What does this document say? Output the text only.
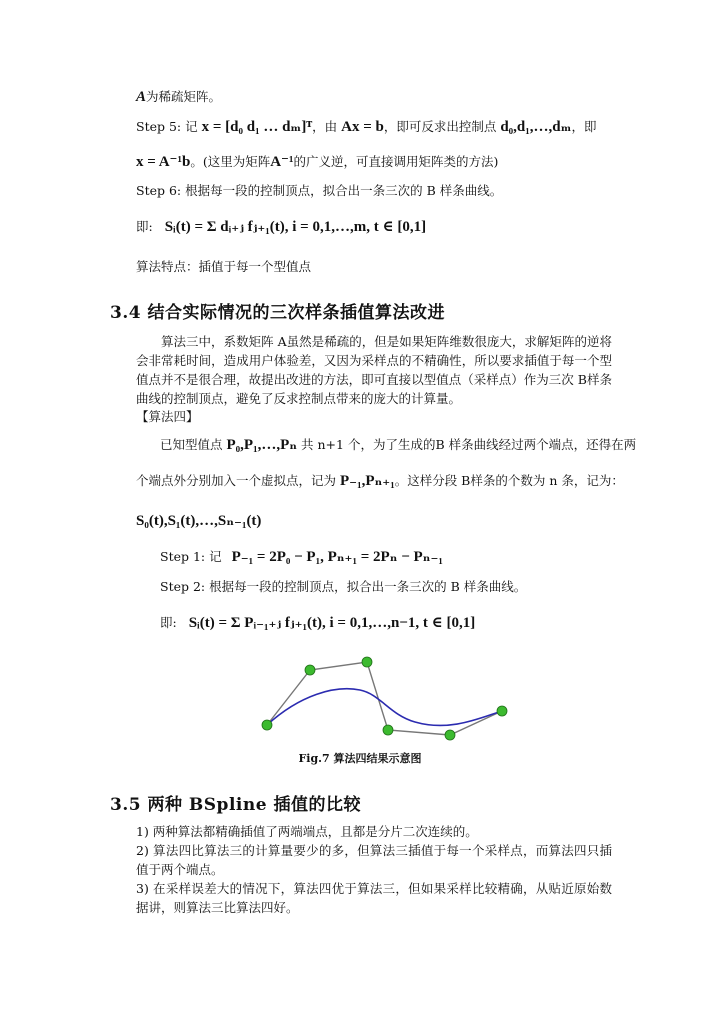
A为稀疏矩阵。
Step 5: 记 x = [d₀ d₁ … dₘ]ᵀ，由 Ax = b，即可反求出控制点 d₀,d₁,…,dₘ，即
x = A⁻¹b。(这里为矩阵A⁻¹的广义逆，可直接调用矩阵类的方法)
Step 6: 根据每一段的控制顶点，拟合出一条三次的 B 样条曲线。
即: Sᵢ(t) = Σ dᵢ₊ⱼ fⱼ₊₁(t), i = 0,1,…,m, t ∈ [0,1]
算法特点：插值于每一个型值点
3.4 结合实际情况的三次样条插值算法改进
算法三中，系数矩阵 A虽然是稀疏的，但是如果矩阵维数很庞大，求解矩阵的逆将会非常耗时间，造成用户体验差，又因为采样点的不精确性，所以要求插值于每一个型值点并不是很合理，故提出改进的方法，即可直接以型值点（采样点）作为三次 B样条曲线的控制顶点，避免了反求控制点带来的庞大的计算量。
【算法四】
已知型值点 P₀,P₁,…,Pₙ 共 n+1 个，为了生成的B 样条曲线经过两个端点，还得在两
个端点外分别加入一个虚拟点，记为 P₋₁,Pₙ₊₁。这样分段 B样条的个数为 n 条，记为：
S₀(t),S₁(t),…,Sₙ₋₁(t)
Step 1: 记 P₋₁ = 2P₀ − P₁, Pₙ₊₁ = 2Pₙ − Pₙ₋₁
Step 2: 根据每一段的控制顶点，拟合出一条三次的 B 样条曲线。
即: Sᵢ(t) = Σ Pᵢ₋₁₊ⱼ fⱼ₊₁(t), i = 0,1,…,n−1, t ∈ [0,1]
Fig.7 算法四结果示意图
3.5 两种 BSpline 插值的比较
1) 两种算法都精确插值了两端端点，且都是分片二次连续的。
2) 算法四比算法三的计算量要少的多，但算法三插值于每一个采样点，而算法四只插值于两个端点。
3) 在采样误差大的情况下，算法四优于算法三，但如果采样比较精确，从贴近原始数据讲，则算法三比算法四好。
